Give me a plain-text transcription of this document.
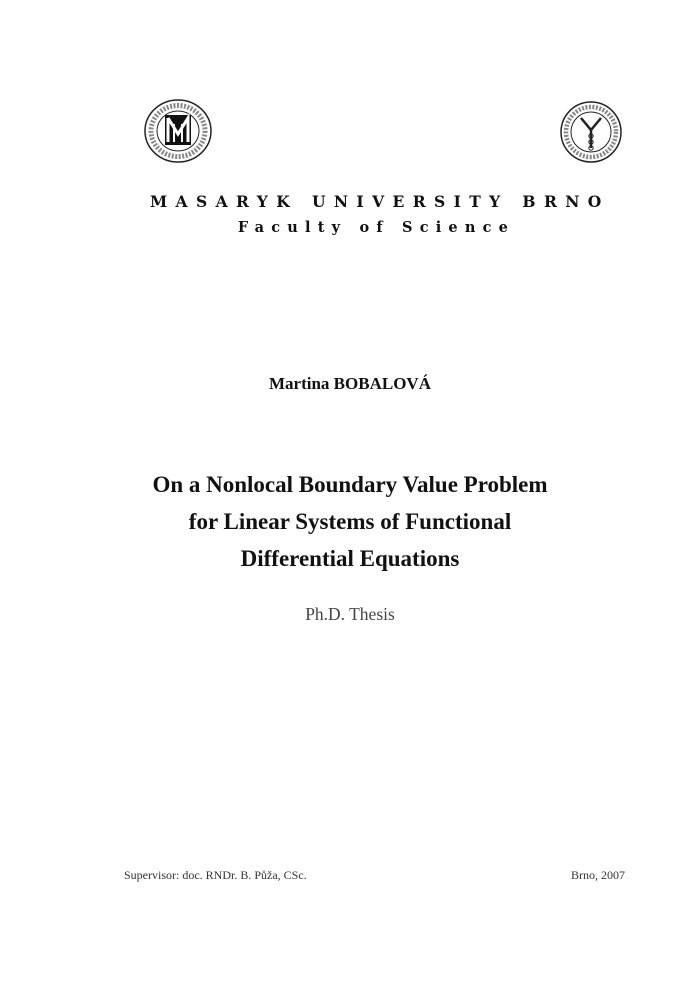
MASARYK UNIVERSITY BRNO
Faculty of Science
Martina BOBALOVÁ
On a Nonlocal Boundary Value Problem
for Linear Systems of Functional
Differential Equations
Ph.D. Thesis
Supervisor: doc. RNDr. B. Půža, CSc.	Brno, 2007
